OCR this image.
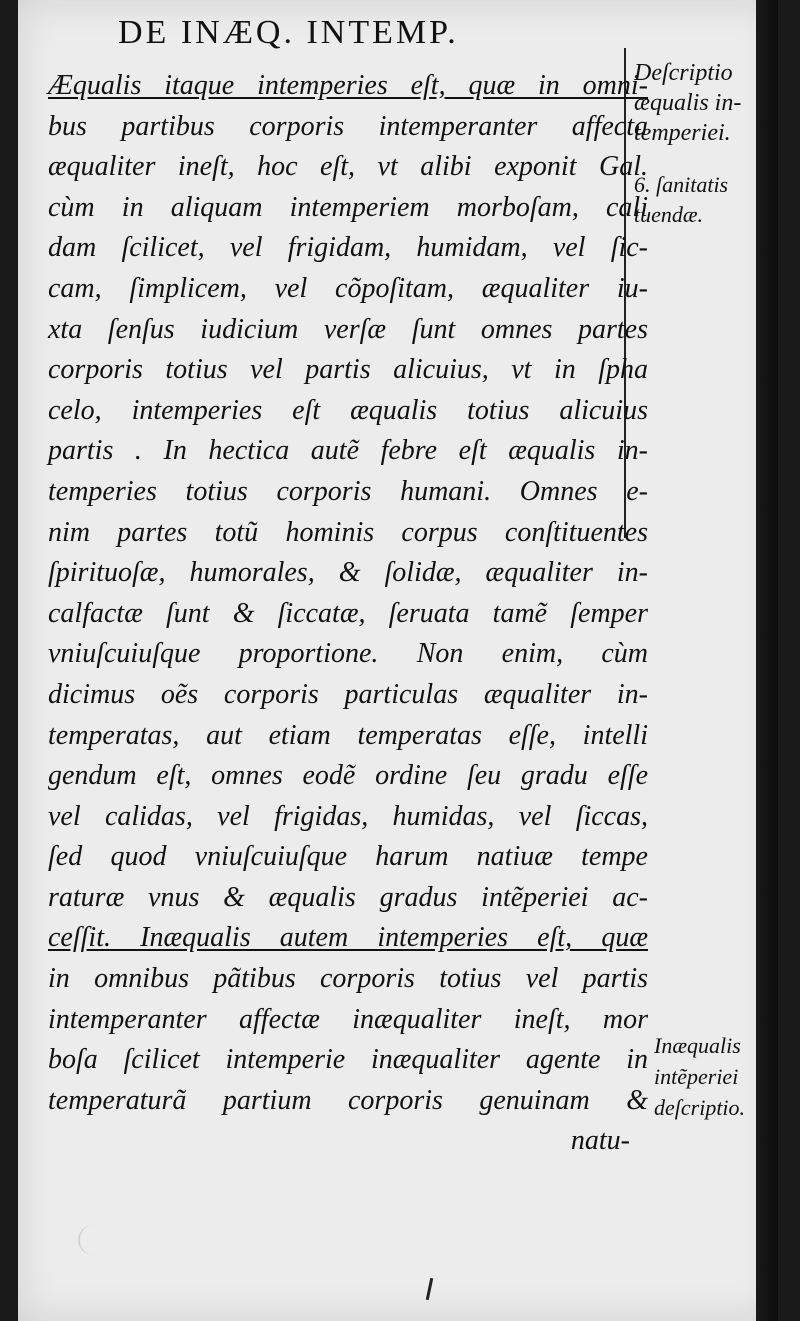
DE INÆQ. INTEMP.
Æqualis itaque intemperies eſt, quæ in omni-
bus partibus corporis intemperanter affecta
æqualiter ineſt, hoc eſt, vt alibi exponit Gal.
cùm in aliquam intemperiem morboſam, cali
dam ſcilicet, vel frigidam, humidam, vel ſic-
cam, ſimplicem, vel cõpoſitam, æqualiter iu-
xta ſenſus iudicium verſæ ſunt omnes partes
corporis totius vel partis alicuius, vt in ſpha
celo, intemperies eſt æqualis totius alicuius
partis . In hectica autẽ febre eſt æqualis in-
temperies totius corporis humani. Omnes e-
nim partes totũ hominis corpus conſtituentes
ſpirituoſæ, humorales, & ſolidæ, æqualiter in-
calfactæ ſunt & ſiccatæ, ſeruata tamẽ ſemper
vniuſcuiuſque proportione. Non enim, cùm
dicimus oẽs corporis particulas æqualiter in-
temperatas, aut etiam temperatas eſſe, intelli
gendum eſt, omnes eodẽ ordine ſeu gradu eſſe
vel calidas, vel frigidas, humidas, vel ſiccas,
ſed quod vniuſcuiuſque harum natiuæ tempe
raturæ vnus & æqualis gradus intẽperiei ac-
ceſſit. Inæqualis autem intemperies eſt, quæ
in omnibus pãtibus corporis totius vel partis
intemperanter affectæ inæqualiter ineſt, mor
boſa ſcilicet intemperie inæqualiter agente in
temperaturã partium corporis genuinam &
natu-
Deſcriptio
æqualis in-
temperiei.
6. ſanitatis
tuendæ.
Inæqualis
intẽperiei
deſcriptio.
